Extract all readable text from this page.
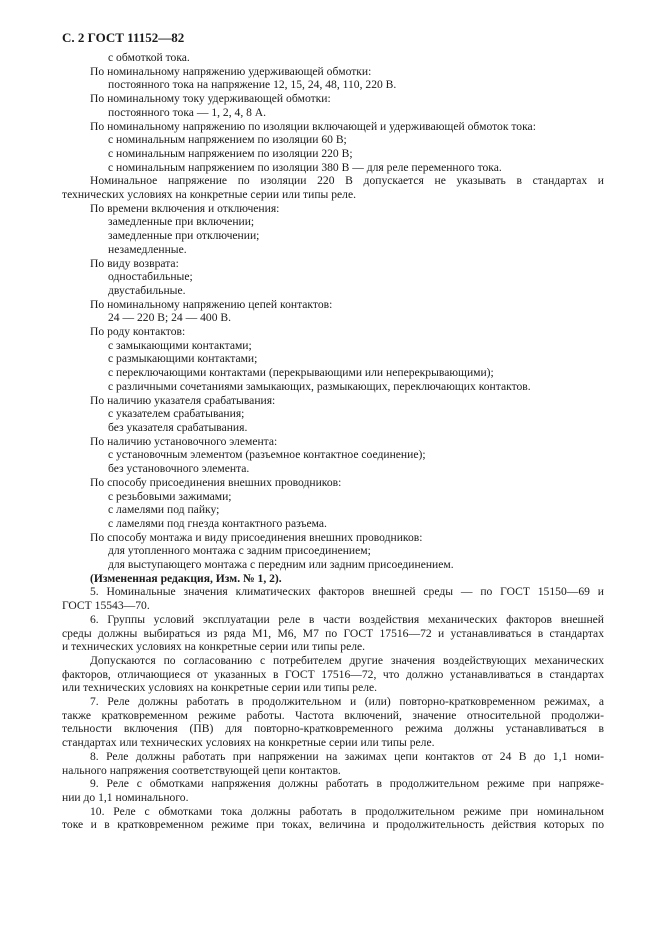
С. 2 ГОСТ 11152—82
с обмоткой тока.
По номинальному напряжению удерживающей обмотки:
постоянного тока на напряжение 12, 15, 24, 48, 110, 220 В.
По номинальному току удерживающей обмотки:
постоянного тока — 1, 2, 4, 8 А.
По номинальному напряжению по изоляции включающей и удерживающей обмоток тока:
с номинальным напряжением по изоляции 60 В;
с номинальным напряжением по изоляции 220 В;
с номинальным напряжением по изоляции 380 В — для реле переменного тока.
Номинальное напряжение по изоляции 220 В допускается не указывать в стандартах и
технических условиях на конкретные серии или типы реле.
По времени включения и отключения:
замедленные при включении;
замедленные при отключении;
незамедленные.
По виду возврата:
одностабильные;
двустабильные.
По номинальному напряжению цепей контактов:
24 — 220 В; 24 — 400 В.
По роду контактов:
с замыкающими контактами;
с размыкающими контактами;
с переключающими контактами (перекрывающими или неперекрывающими);
с различными сочетаниями замыкающих, размыкающих, переключающих контактов.
По наличию указателя срабатывания:
с указателем срабатывания;
без указателя срабатывания.
По наличию установочного элемента:
с установочным элементом (разъемное контактное соединение);
без установочного элемента.
По способу присоединения внешних проводников:
с резьбовыми зажимами;
с ламелями под пайку;
с ламелями под гнезда контактного разъема.
По способу монтажа и виду присоединения внешних проводников:
для утопленного монтажа с задним присоединением;
для выступающего монтажа с передним или задним присоединением.
(Измененная редакция, Изм. № 1, 2).
5. Номинальные значения климатических факторов внешней среды — по ГОСТ 15150—69 и
ГОСТ 15543—70.
6. Группы условий эксплуатации реле в части воздействия механических факторов внешней
среды должны выбираться из ряда М1, М6, М7 по ГОСТ 17516—72 и устанавливаться в стандартах
и технических условиях на конкретные серии или типы реле.
Допускаются по согласованию с потребителем другие значения воздействующих механических
факторов, отличающиеся от указанных в ГОСТ 17516—72, что должно устанавливаться в стандартах
или технических условиях на конкретные серии или типы реле.
7. Реле должны работать в продолжительном и (или) повторно-кратковременном режимах, а
также кратковременном режиме работы. Частота включений, значение относительной продолжи-
тельности включения (ПВ) для повторно-кратковременного режима должны устанавливаться в
стандартах или технических условиях на конкретные серии или типы реле.
8. Реле должны работать при напряжении на зажимах цепи контактов от 24 В до 1,1 номи-
нального напряжения соответствующей цепи контактов.
9. Реле с обмотками напряжения должны работать в продолжительном режиме при напряже-
нии до 1,1 номинального.
10. Реле с обмотками тока должны работать в продолжительном режиме при номинальном
токе и в кратковременном режиме при токах, величина и продолжительность действия которых по
